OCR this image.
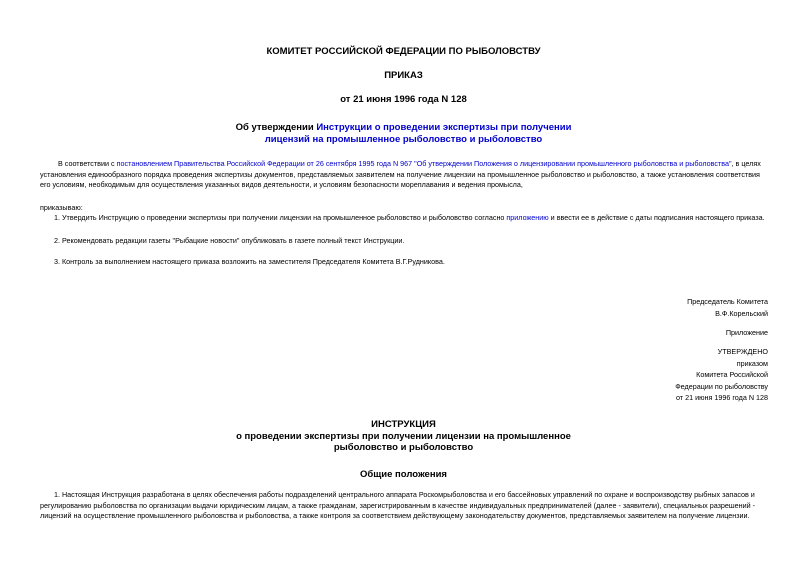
КОМИТЕТ РОССИЙСКОЙ ФЕДЕРАЦИИ ПО РЫБОЛОВСТВУ
ПРИКАЗ
от 21 июня 1996 года N 128
Об утверждении Инструкции о проведении экспертизы при получении
лицензий на промышленное рыболовство и рыболовство
В соответствии с постановлением Правительства Российской Федерации от 26 сентября 1995 года N 967 "Об утверждении Положения о лицензировании промышленного рыболовства и рыболовства", в целях установления единообразного порядка проведения экспертизы документов, представляемых заявителем на получение лицензии на промышленное рыболовство и рыболовство, а также установления соответствия его условиям, необходимым для осуществления указанных видов деятельности, и условиям безопасности мореплавания и ведения промысла,
приказываю:
1. Утвердить Инструкцию о проведении экспертизы при получении лицензии на промышленное рыболовство и рыболовство согласно приложению и ввести ее в действие с даты подписания настоящего приказа.
2. Рекомендовать редакции газеты "Рыбацкие новости" опубликовать в газете полный текст Инструкции.
3. Контроль за выполнением настоящего приказа возложить на заместителя Председателя Комитета В.Г.Рудникова.
Председатель Комитета
В.Ф.Корельский
Приложение
УТВЕРЖДЕНО
приказом
Комитета Российской
Федерации по рыболовству
от 21 июня 1996 года N 128
ИНСТРУКЦИЯ
о проведении экспертизы при получении лицензии на промышленное
рыболовство и рыболовство
Общие положения
1. Настоящая Инструкция разработана в целях обеспечения работы подразделений центрального аппарата Роскомрыболовства и его бассейновых управлений по охране и воспроизводству рыбных запасов и регулированию рыболовства по организации выдачи юридическим лицам, а также гражданам, зарегистрированным в качестве индивидуальных предпринимателей (далее - заявители), специальных разрешений - лицензий на осуществление промышленного рыболовства и рыболовства, а также контроля за соответствием действующему законодательству документов, представляемых заявителем на получение лицензии.
